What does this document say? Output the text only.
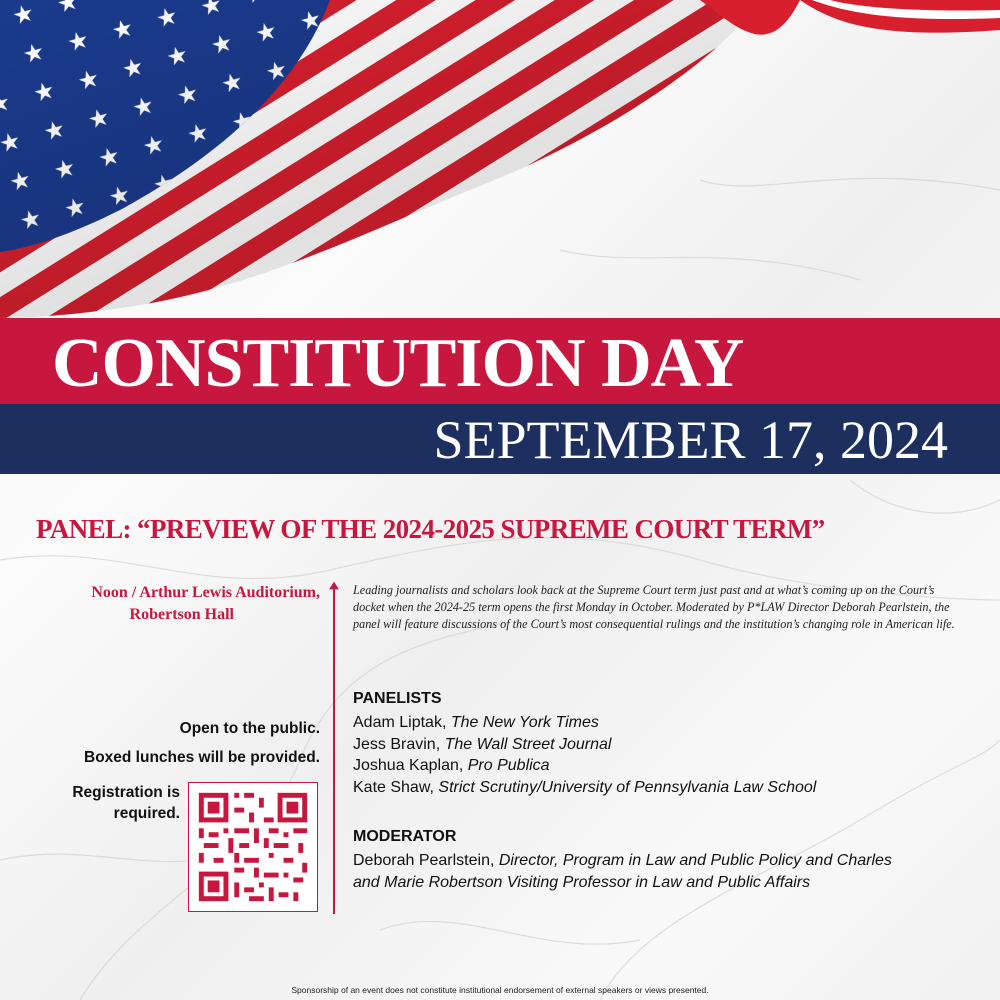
CONSTITUTION DAY
SEPTEMBER 17, 2024
PANEL: “PREVIEW OF THE 2024-2025 SUPREME COURT TERM”
Noon / Arthur Lewis Auditorium,
Robertson Hall

Leading journalists and scholars look back at the Supreme Court term just past and at what’s coming up on the Court’s docket when the 2024-25 term opens the first Monday in October. Moderated by P*LAW Director Deborah Pearlstein, the panel will feature discussions of the Court’s most consequential rulings and the institution’s changing role in American life.

Open to the public.
Boxed lunches will be provided.
Registration is required.
PANELISTS
Adam Liptak, The New York Times
Jess Bravin, The Wall Street Journal
Joshua Kaplan, Pro Publica
Kate Shaw, Strict Scrutiny/University of Pennsylvania Law School
MODERATOR
Deborah Pearlstein, Director, Program in Law and Public Policy and Charles and Marie Robertson Visiting Professor in Law and Public Affairs
Sponsorship of an event does not constitute institutional endorsement of external speakers or views presented.
